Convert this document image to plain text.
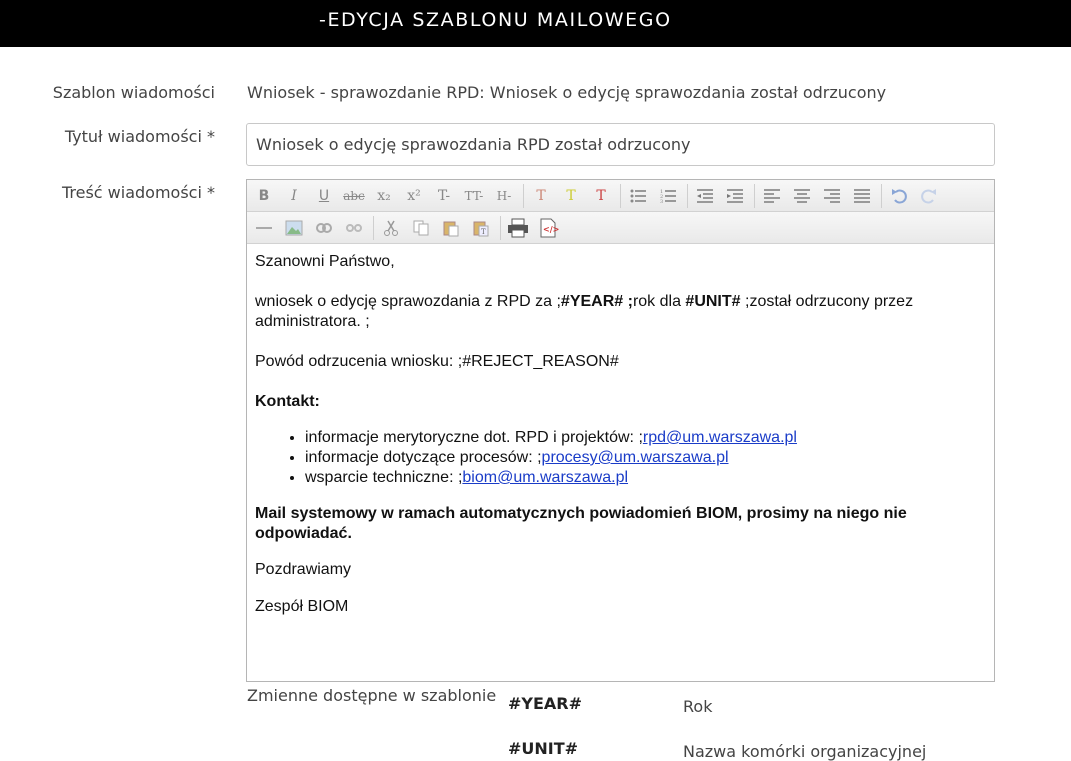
-EDYCJA SZABLONU MAILOWEGO
Szablon wiadomości Wniosek - sprawozdanie RPD: Wniosek o edycję sprawozdania został odrzucony
Tytuł wiadomości *
Wniosek o edycję sprawozdania RPD został odrzucony
Treść wiadomości *	B	I	U	abc x₂	x²	T-	TT-	H-	T	T	T	1
2
3
T	</>

Szanowni Państwo,

wniosek o edycję sprawozdania z RPD za ;#YEAR# ;rok dla #UNIT# ;został odrzucony przez administratora. ;

Powód odrzucenia wniosku: ;#REJECT_REASON#

Kontakt:

• informacje merytoryczne dot. RPD i projektów: ;rpd@um.warszawa.pl
• informacje dotyczące procesów: ;procesy@um.warszawa.pl
• wsparcie techniczne: ;biom@um.warszawa.pl

Mail systemowy w ramach automatycznych powiadomień BIOM, prosimy na niego nie odpowiadać.

Pozdrawiamy

Zespół BIOM

Zmienne dostępne w szablonie #YEAR#	Rok
#UNIT#	Nazwa komórki organizacyjnej
